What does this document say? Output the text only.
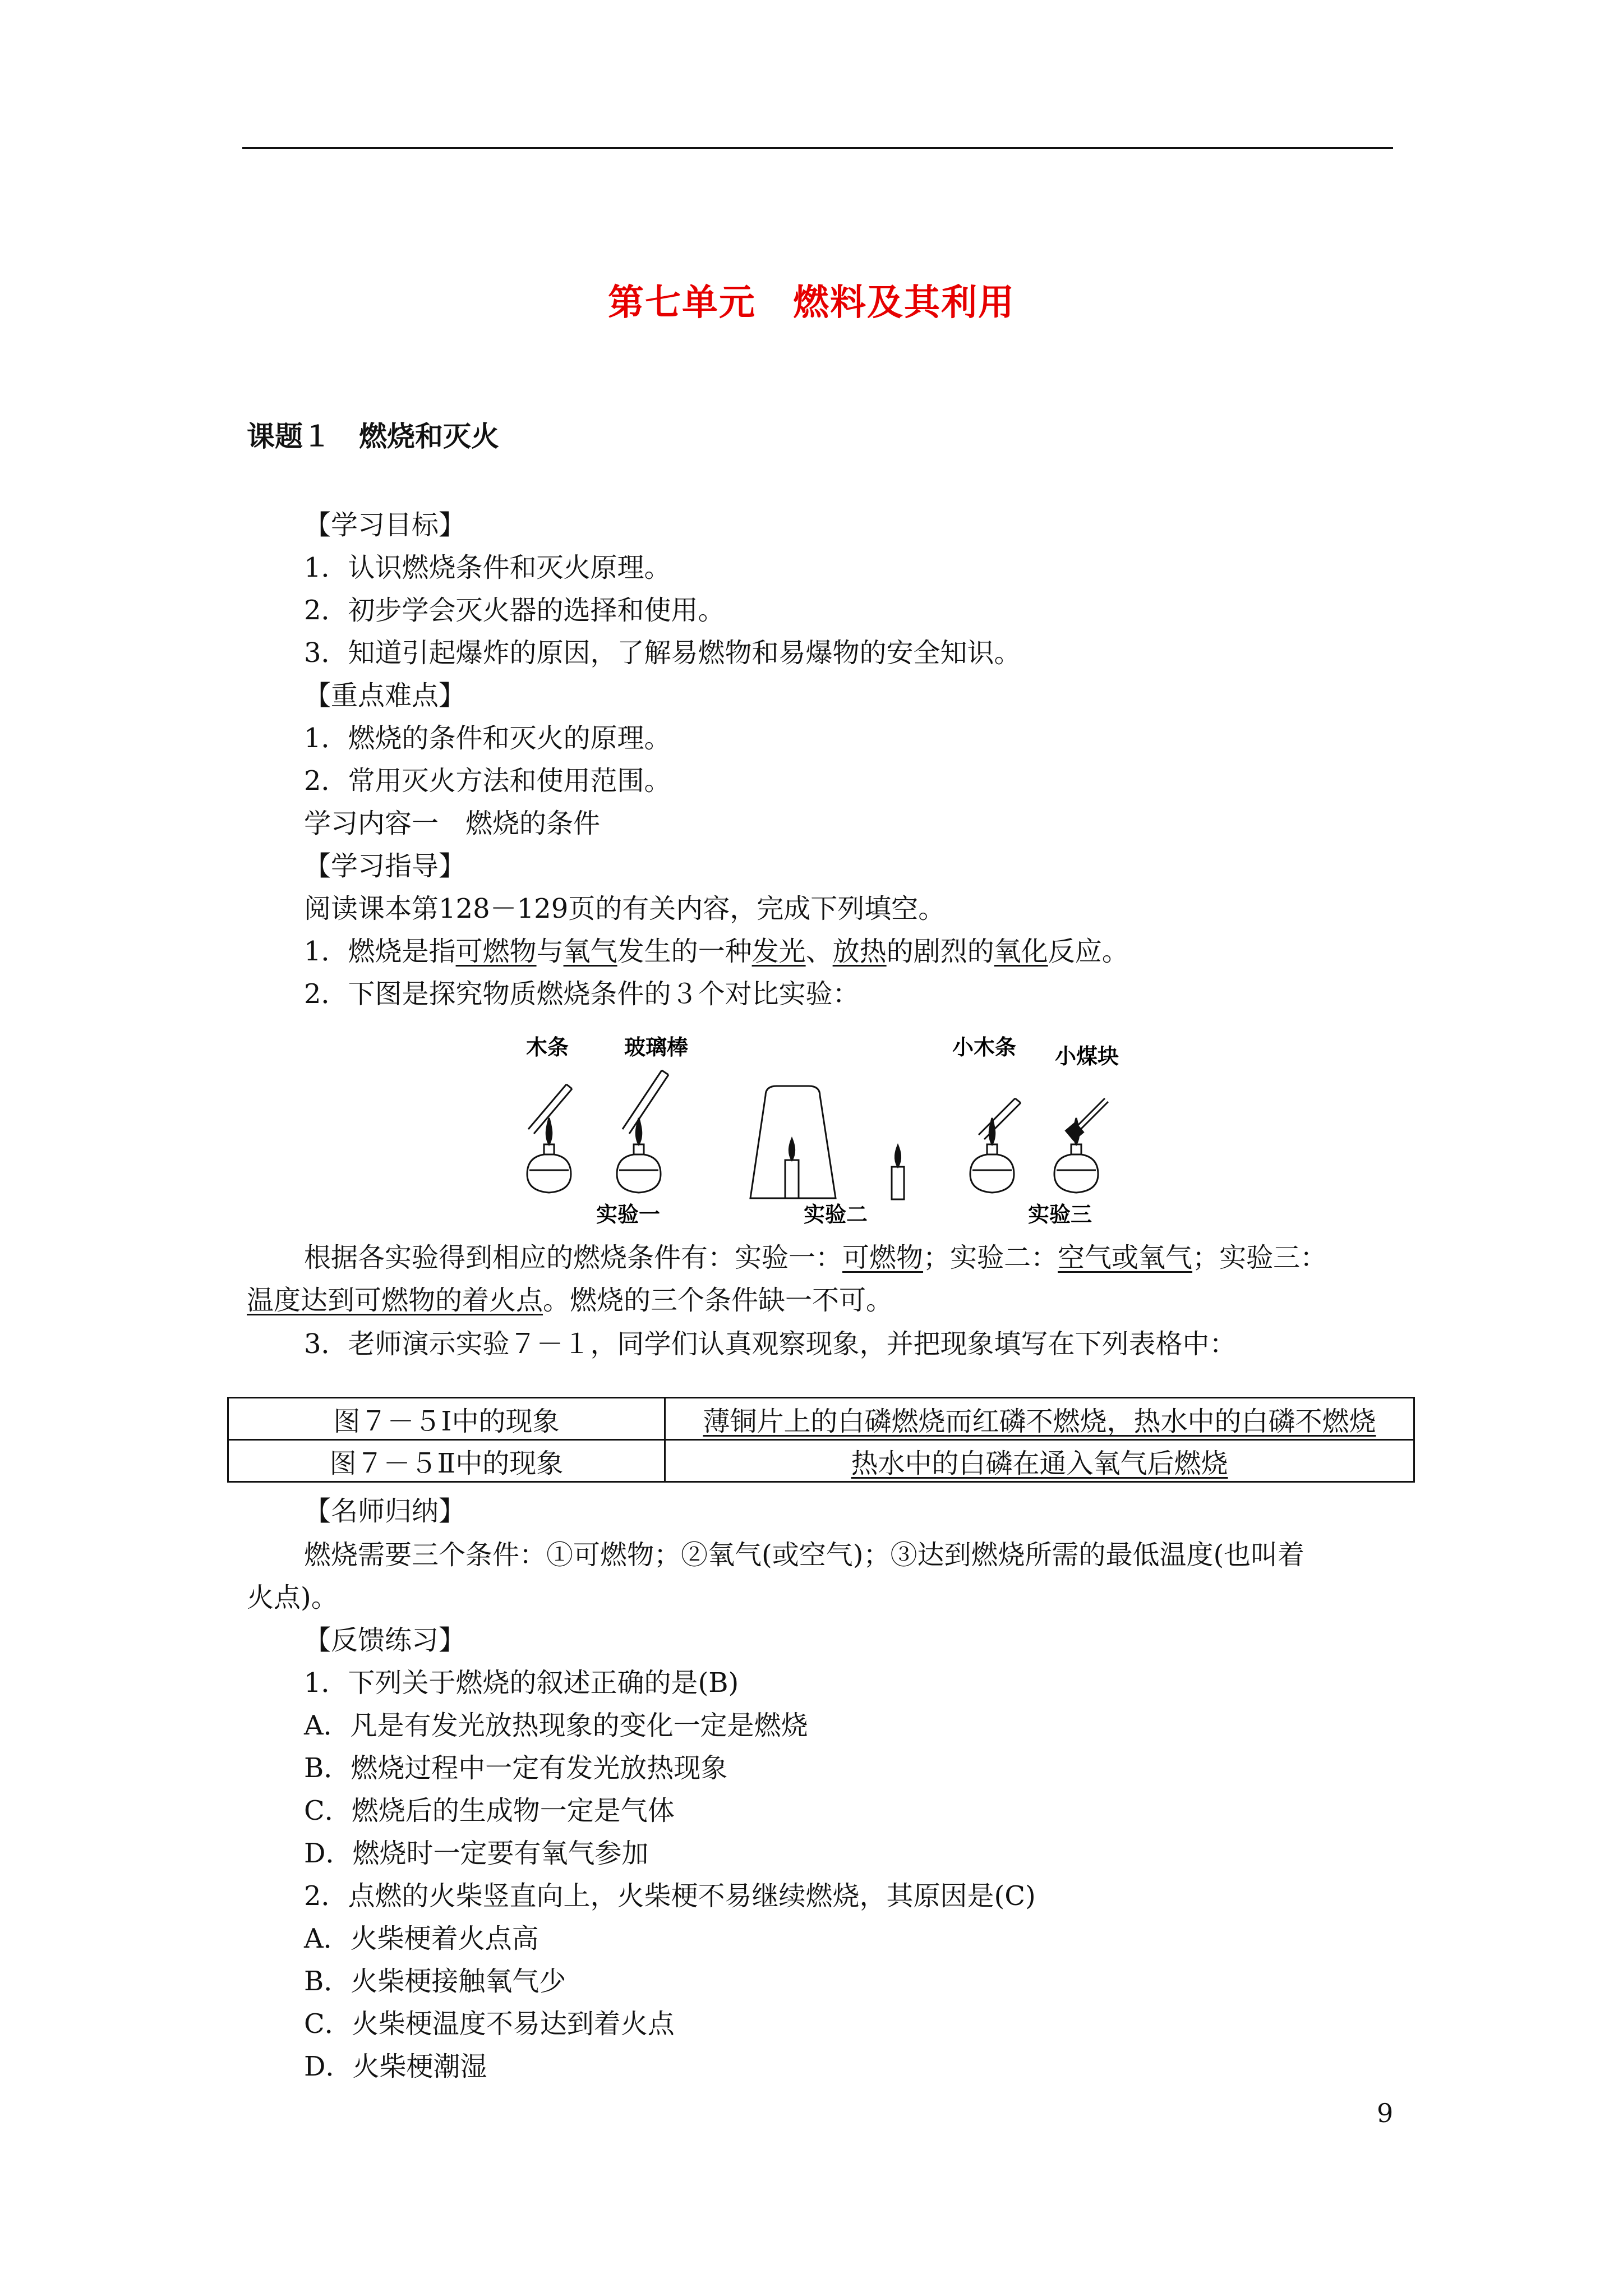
第七单元　燃料及其利用
课题１　燃烧和灭火
【学习目标】
1．认识燃烧条件和灭火原理。
2．初步学会灭火器的选择和使用。
3．知道引起爆炸的原因，了解易燃物和易爆物的安全知识。
【重点难点】
1．燃烧的条件和灭火的原理。
2．常用灭火方法和使用范围。
学习内容一　燃烧的条件
【学习指导】
阅读课本第128－129页的有关内容，完成下列填空。
1．燃烧是指可燃物与氧气发生的一种发光、放热的剧烈的氧化反应。
2．下图是探究物质燃烧条件的３个对比实验：
木条	玻璃棒	小木条 小煤块
实验一	实验二	实验三
根据各实验得到相应的燃烧条件有：实验一：可燃物；实验二：空气或氧气；实验三：
温度达到可燃物的着火点。燃烧的三个条件缺一不可。
3．老师演示实验７－１，同学们认真观察现象，并把现象填写在下列表格中：
图７－５Ⅰ中的现象	薄铜片上的白磷燃烧而红磷不燃烧，热水中的白磷不燃烧
图７－５Ⅱ中的现象	热水中的白磷在通入氧气后燃烧
【名师归纳】
燃烧需要三个条件：①可燃物；②氧气(或空气)；③达到燃烧所需的最低温度(也叫着
火点)。
【反馈练习】
1．下列关于燃烧的叙述正确的是(B)
A．凡是有发光放热现象的变化一定是燃烧
B．燃烧过程中一定有发光放热现象
C．燃烧后的生成物一定是气体
D．燃烧时一定要有氧气参加
2．点燃的火柴竖直向上，火柴梗不易继续燃烧，其原因是(C)
A．火柴梗着火点高
B．火柴梗接触氧气少
C．火柴梗温度不易达到着火点
D．火柴梗潮湿
9
